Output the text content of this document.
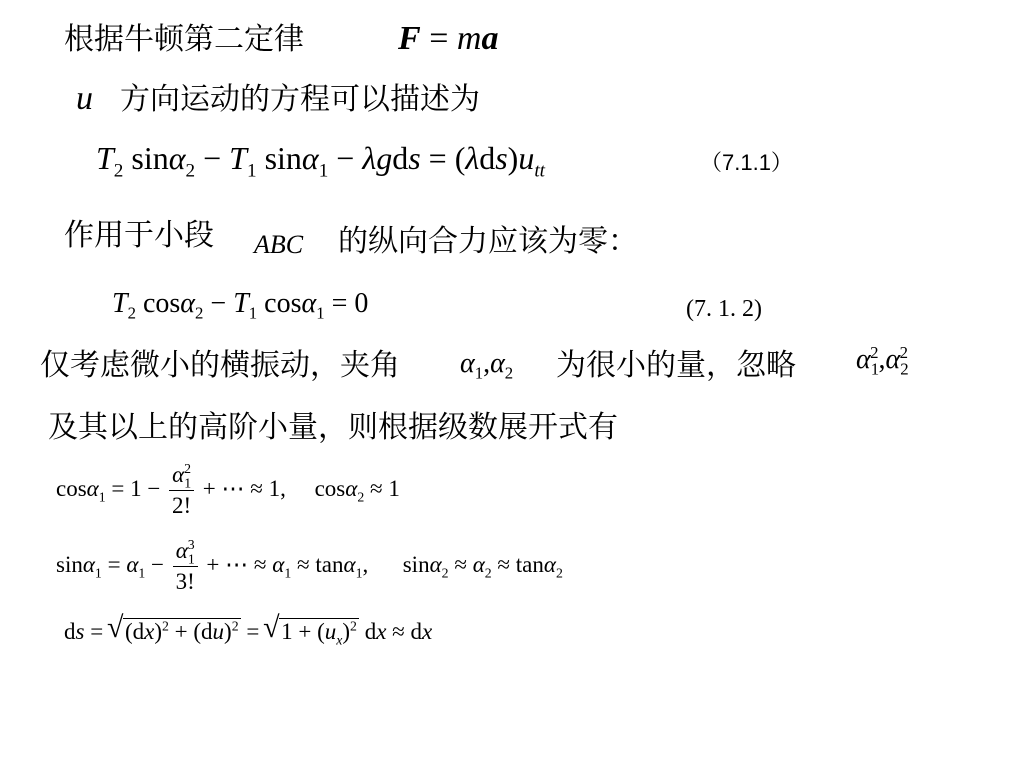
根据牛顿第二定律	F = ma
u 方向运动的方程可以描述为
$T_2$ $\sin\alpha_2 - T_1$ $\sin\alpha_1 - \lambda gds = (\lambda ds)u_{tt}$	（7.1.1）
作用于小段 ABC 的纵向合力应该为零：
$T_2$ $\cos\alpha_2 - T_1$ cosα$_1$ = 0	(7. 1. 2)
仅考虑微小的横振动，夹角 $\alpha_1,\alpha_2$ 为很小的量，忽略 $\alpha_1^2,\alpha_2^2$
及其以上的高阶小量，则根据级数展开式有
$\cos\alpha_1 = 1 - \frac{\alpha_1^2}{2!}$ + ⋯ ≈ 1,     cosα$_2$ ≈ 1
$\sin\alpha_1 = \alpha_1 - \frac{\alpha_1^3}{3!}$ + ⋯ ≈ $\alpha_1 \approx \tan\alpha_1$,      $\sin\alpha_2 \approx \alpha_2 \approx \tan\alpha_2$
ds = √ (dx)$^2$ + (du)$^2$ = √ $1 + (u_x)^2$ dx ≈ dx
